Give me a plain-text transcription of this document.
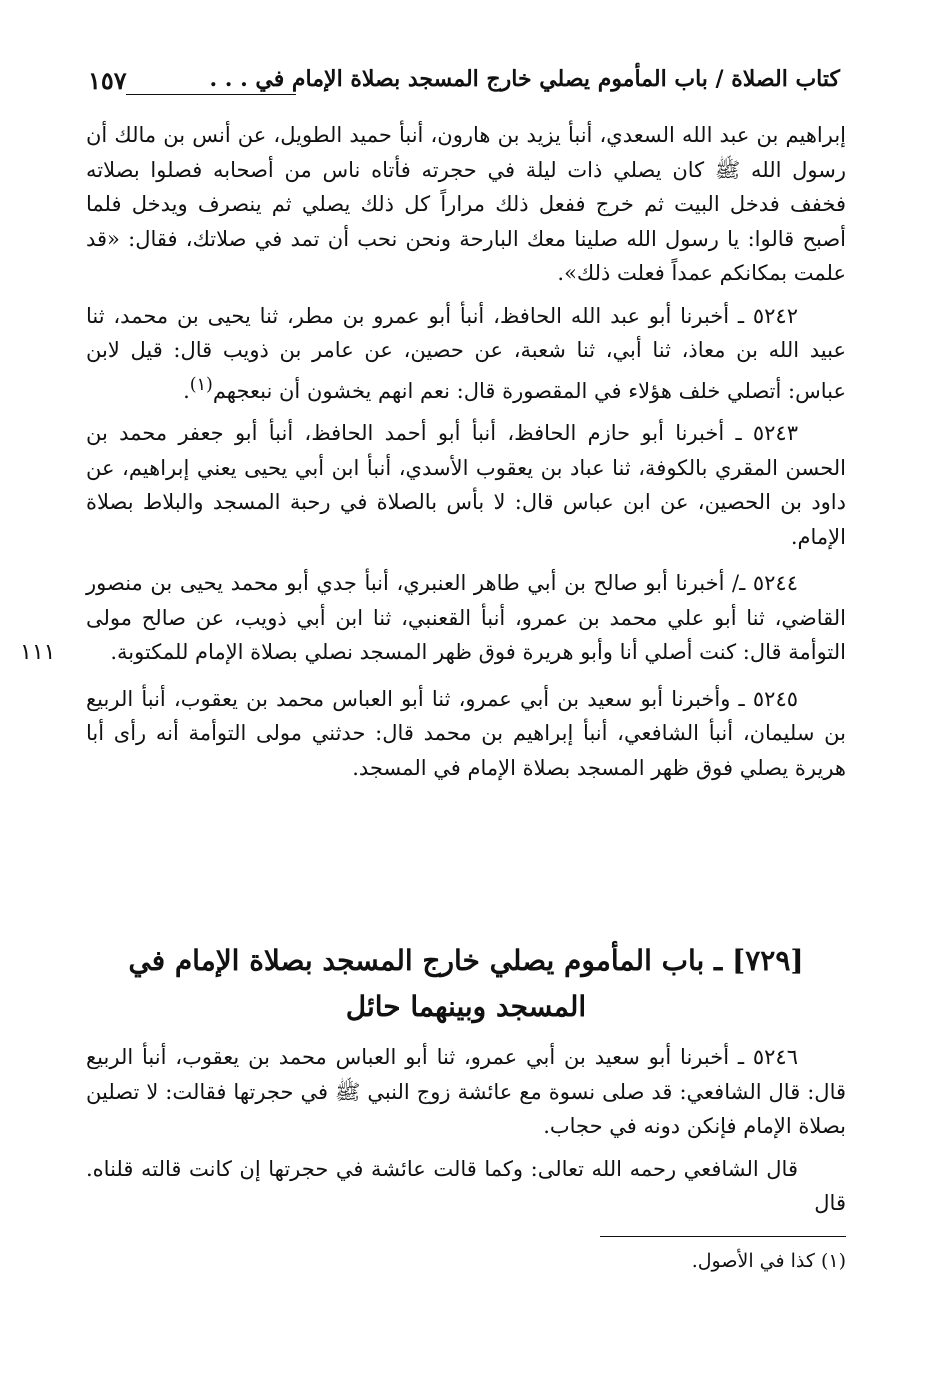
كتاب الصلاة / باب المأموم يصلي خارج المسجد بصلاة الإمام في . . .
١٥٧

إبراهيم بن عبد الله السعدي، أنبأ يزيد بن هارون، أنبأ حميد الطويل، عن أنس بن مالك أن رسول الله ﷺ كان يصلي ذات ليلة في حجرته فأتاه ناس من أصحابه فصلوا بصلاته فخفف فدخل البيت ثم خرج ففعل ذلك مراراً كل ذلك يصلي ثم ينصرف ويدخل فلما أصبح قالوا: يا رسول الله صلينا معك البارحة ونحن نحب أن تمد في صلاتك، فقال: «قد علمت بمكانكم عمداً فعلت ذلك».

٥٢٤٢ ـ أخبرنا أبو عبد الله الحافظ، أنبأ أبو عمرو بن مطر، ثنا يحيى بن محمد، ثنا عبيد الله بن معاذ، ثنا أبي، ثنا شعبة، عن حصين، عن عامر بن ذويب قال: قيل لابن عباس: أتصلي خلف هؤلاء في المقصورة قال: نعم انهم يخشون أن نبعجهم$^{(١)}$.

٥٢٤٣ ـ أخبرنا أبو حازم الحافظ، أنبأ أبو أحمد الحافظ، أنبأ أبو جعفر محمد بن الحسن المقري بالكوفة، ثنا عباد بن يعقوب الأسدي، أنبأ ابن أبي يحيى يعني إبراهيم، عن داود بن الحصين، عن ابن عباس قال: لا بأس بالصلاة في رحبة المسجد والبلاط بصلاة الإمام.

٥٢٤٤ ـ/ أخبرنا أبو صالح بن أبي طاهر العنبري، أنبأ جدي أبو محمد يحيى بن منصور القاضي، ثنا أبو علي محمد بن عمرو، أنبأ القعنبي، ثنا ابن أبي ذويب، عن صالح مولى التوأمة قال: كنت أصلي أنا وأبو هريرة فوق ظهر المسجد نصلي بصلاة الإمام للمكتوبة.

٥٢٤٥ ـ وأخبرنا أبو سعيد بن أبي عمرو، ثنا أبو العباس محمد بن يعقوب، أنبأ الربيع بن سليمان، أنبأ الشافعي، أنبأ إبراهيم بن محمد قال: حدثني مولى التوأمة أنه رأى أبا هريرة يصلي فوق ظهر المسجد بصلاة الإمام في المسجد.

١١١
[٧٢٩] ـ باب المأموم يصلي خارج المسجد بصلاة الإمام في المسجد وبينهما حائل

٥٢٤٦ ـ أخبرنا أبو سعيد بن أبي عمرو، ثنا أبو العباس محمد بن يعقوب، أنبأ الربيع قال: قال الشافعي: قد صلى نسوة مع عائشة زوج النبي ﷺ في حجرتها فقالت: لا تصلين بصلاة الإمام فإنكن دونه في حجاب.

قال الشافعي رحمه الله تعالى: وكما قالت عائشة في حجرتها إن كانت قالته قلناه. قال

(١) كذا في الأصول.
